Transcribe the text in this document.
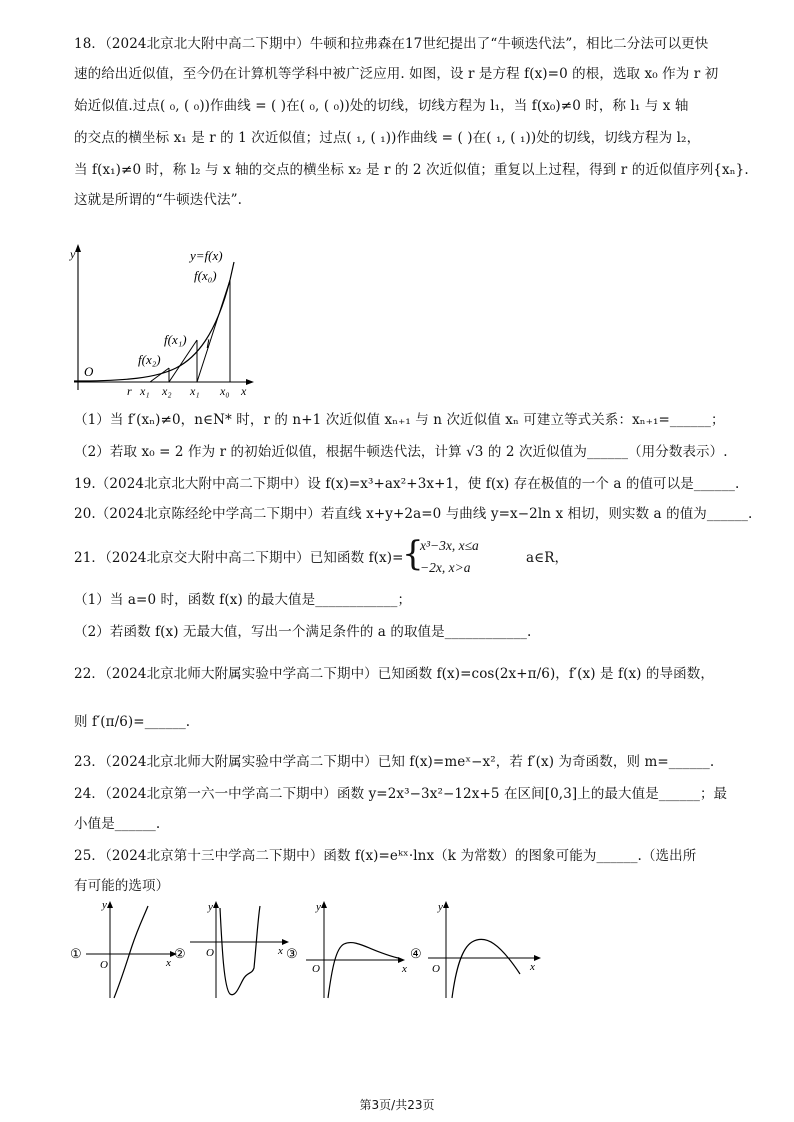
18．（2024北京北大附中高二下期中）牛顿和拉弗森在17世纪提出了“牛顿迭代法”，相比二分法可以更快
速的给出近似值，至今仍在计算机等学科中被广泛应用. 如图，设 r 是方程 f(x)=0 的根，选取 x₀ 作为 r 初
始近似值.过点( ₀, ( ₀))作曲线 = ( )在( ₀, ( ₀))处的切线，切线方程为 l₁，当 f(x₀)≠0 时，称 l₁ 与 x 轴
的交点的横坐标 x₁ 是 r 的 1 次近似值；过点( ₁, ( ₁))作曲线 = ( )在( ₁, ( ₁))处的切线，切线方程为 l₂，
当 f(x₁)≠0 时，称 l₂ 与 x 轴的交点的横坐标 x₂ 是 r 的 2 次近似值；重复以上过程，得到 r 的近似值序列{xₙ}.
这就是所谓的“牛顿迭代法”.
y	y=f(x)
f(x₀)
f(x₁)
f(x₂)
l
O
r x₁ x₂ x₁ x₀ x
（1）当 f′(xₙ)≠0，n∈N* 时，r 的 n+1 次近似值 xₙ₊₁ 与 n 次近似值 xₙ 可建立等式关系：xₙ₊₁=______；
（2）若取 x₀ = 2 作为 r 的初始近似值，根据牛顿迭代法，计算 √3 的 2 次近似值为______（用分数表示）.
19.（2024北京北大附中高二下期中）设 f(x)=x³+ax²+3x+1，使 f(x) 存在极值的一个 a 的值可以是______.
20.（2024北京陈经纶中学高二下期中）若直线 x+y+2a=0 与曲线 y=x−2ln x 相切，则实数 a 的值为______.
21．（2024北京交大附中高二下期中）已知函数 f(x)=
{
x³−3x, x≤a
−2x, x>a
a∈R，
（1）当 a=0 时，函数 f(x) 的最大值是____________；
（2）若函数 f(x) 无最大值，写出一个满足条件的 a 的取值是____________.
22．（2024北京北师大附属实验中学高二下期中）已知函数 f(x)=cos(2x+π/6)，f′(x) 是 f(x) 的导函数，
则 f′(π/6)=______.
23．（2024北京北师大附属实验中学高二下期中）已知 f(x)=meˣ−x²，若 f′(x) 为奇函数，则 m=______.
24．（2024北京第一六一中学高二下期中）函数 y=2x³−3x²−12x+5 在区间[0,3]上的最大值是______；最
小值是______.
25．（2024北京第十三中学高二下期中）函数 f(x)=eᵏˣ·lnx（k 为常数）的图象可能为______.（选出所
有可能的选项）
①
y
O	x
②
y
O	x ③
y
O	x
④
y
O	x
第3页/共23页
